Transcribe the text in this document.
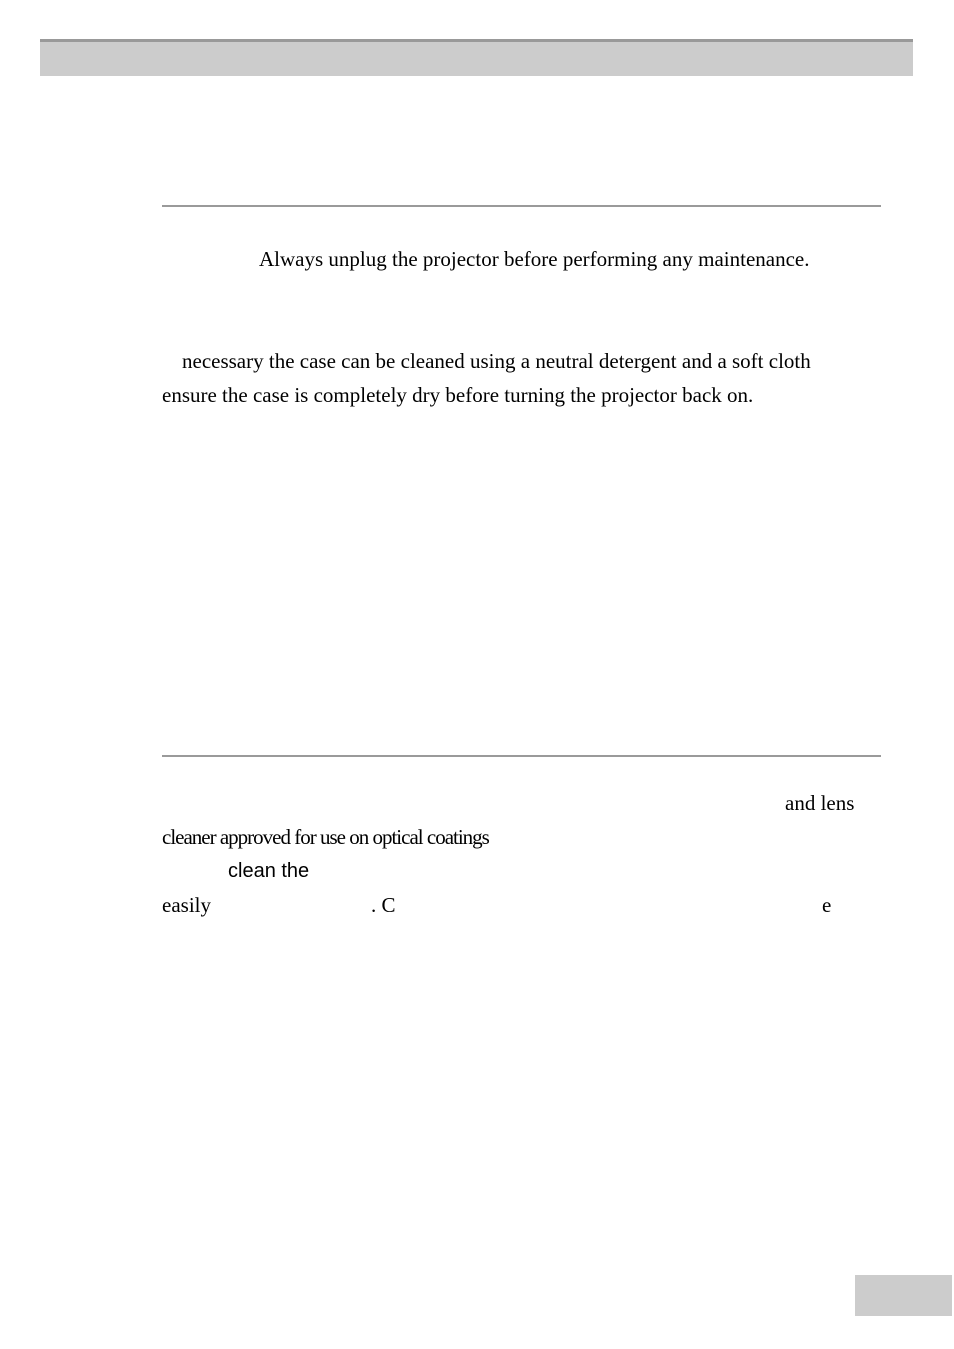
Always unplug the projector before performing any maintenance.
necessary the case can be cleaned using a neutral detergent and a soft cloth
ensure the case is completely dry before turning the projector back on.
and lens
cleaner approved for use on optical coatings
clean the
easily	. C	e
